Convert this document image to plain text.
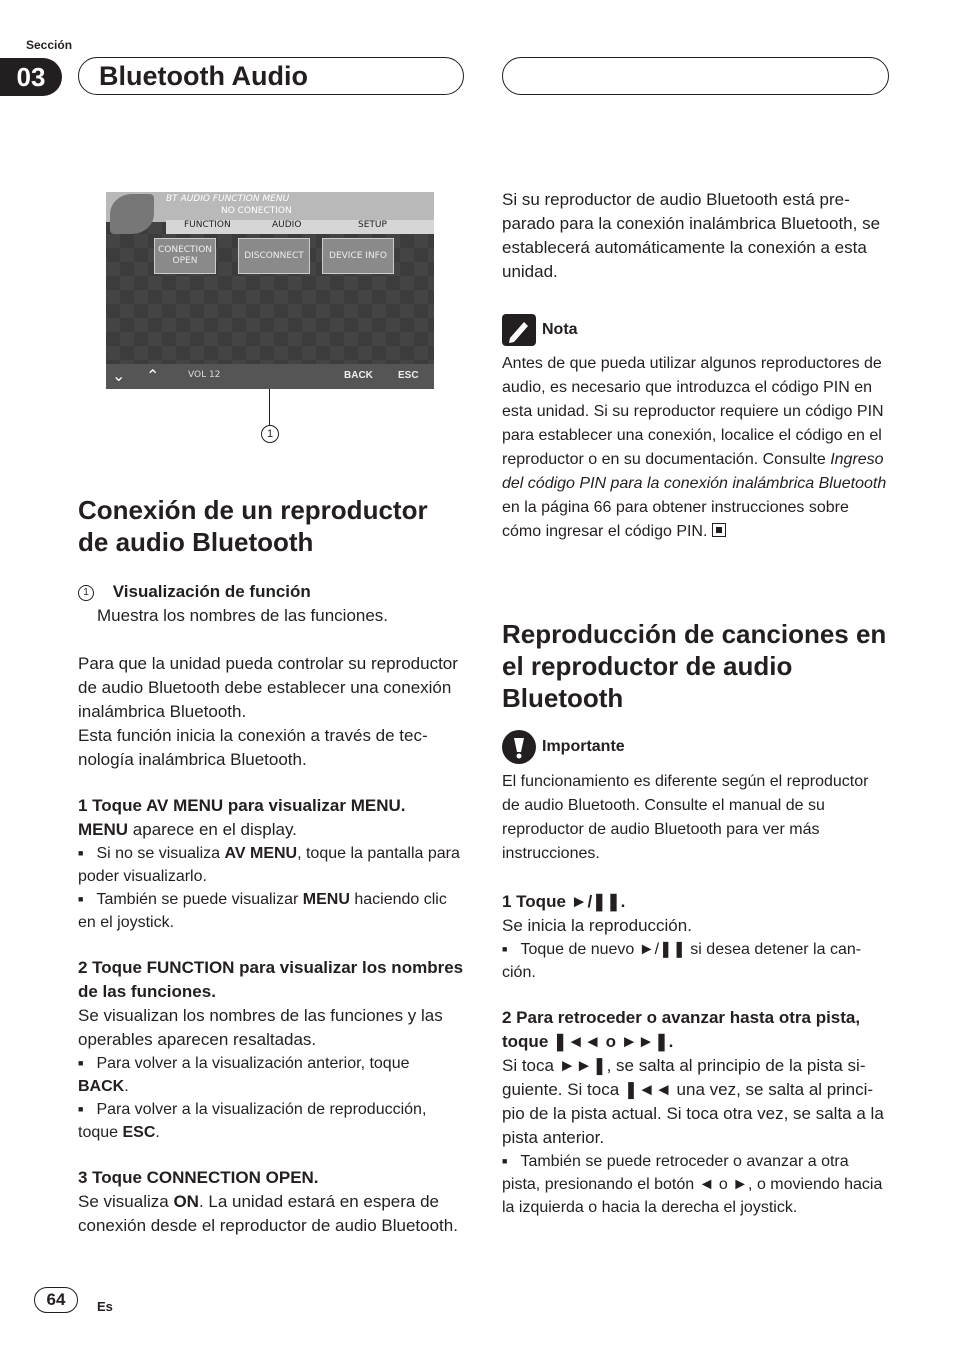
Sección
03	Bluetooth Audio
BT AUDIO FUNCTION MENU
NO CONECTION
FUNCTION	AUDIO	SETUP
CONECTION OPEN
DISCONNECT	DEVICE INFO
⌄ ⌃	VOL 12	BACK	ESC
1
Conexión de un reproductor de audio Bluetooth
1 Visualización de función

Muestra los nombres de las funciones.

Para que la unidad pueda controlar su reproductor de audio Bluetooth debe establecer una conexión inalámbrica Bluetooth.

Esta función inicia la conexión a través de tecnología inalámbrica Bluetooth.

1 Toque AV MENU para visualizar MENU.

MENU aparece en el display.

■ Si no se visualiza AV MENU, toque la pantalla para poder visualizarlo.

■ También se puede visualizar MENU haciendo clic en el joystick.

2 Toque FUNCTION para visualizar los nombres de las funciones.

Se visualizan los nombres de las funciones y las operables aparecen resaltadas.

■ Para volver a la visualización anterior, toque BACK.

■ Para volver a la visualización de reproducción, toque ESC.

3 Toque CONNECTION OPEN.

Se visualiza ON. La unidad estará en espera de conexión desde el reproductor de audio Bluetooth.

Si su reproductor de audio Bluetooth está preparado para la conexión inalámbrica Bluetooth, se establecerá automáticamente la conexión a esta unidad.

Nota

Antes de que pueda utilizar algunos reproductores de audio, es necesario que introduzca el código PIN en esta unidad. Si su reproductor requiere un código PIN para establecer una conexión, localice el código en el reproductor o en su documentación. Consulte Ingreso del código PIN para la conexión inalámbrica Bluetooth en la página 66 para obtener instrucciones sobre cómo ingresar el código PIN.

Reproducción de canciones en el reproductor de audio Bluetooth
Importante

El funcionamiento es diferente según el reproductor de audio Bluetooth. Consulte el manual de su reproductor de audio Bluetooth para ver más instrucciones.

1 Toque ►/❚❚.

Se inicia la reproducción.

■ Toque de nuevo ►/❚❚ si desea detener la canción.

2 Para retroceder o avanzar hasta otra pista, toque ❚◄◄ o ►►❚.

Si toca ►►❚, se salta al principio de la pista siguiente. Si toca ❚◄◄ una vez, se salta al principio de la pista actual. Si toca otra vez, se salta a la pista anterior.

■ También se puede retroceder o avanzar a otra pista, presionando el botón ◄ o ►, o moviendo hacia la izquierda o hacia la derecha el joystick.

64	Es
